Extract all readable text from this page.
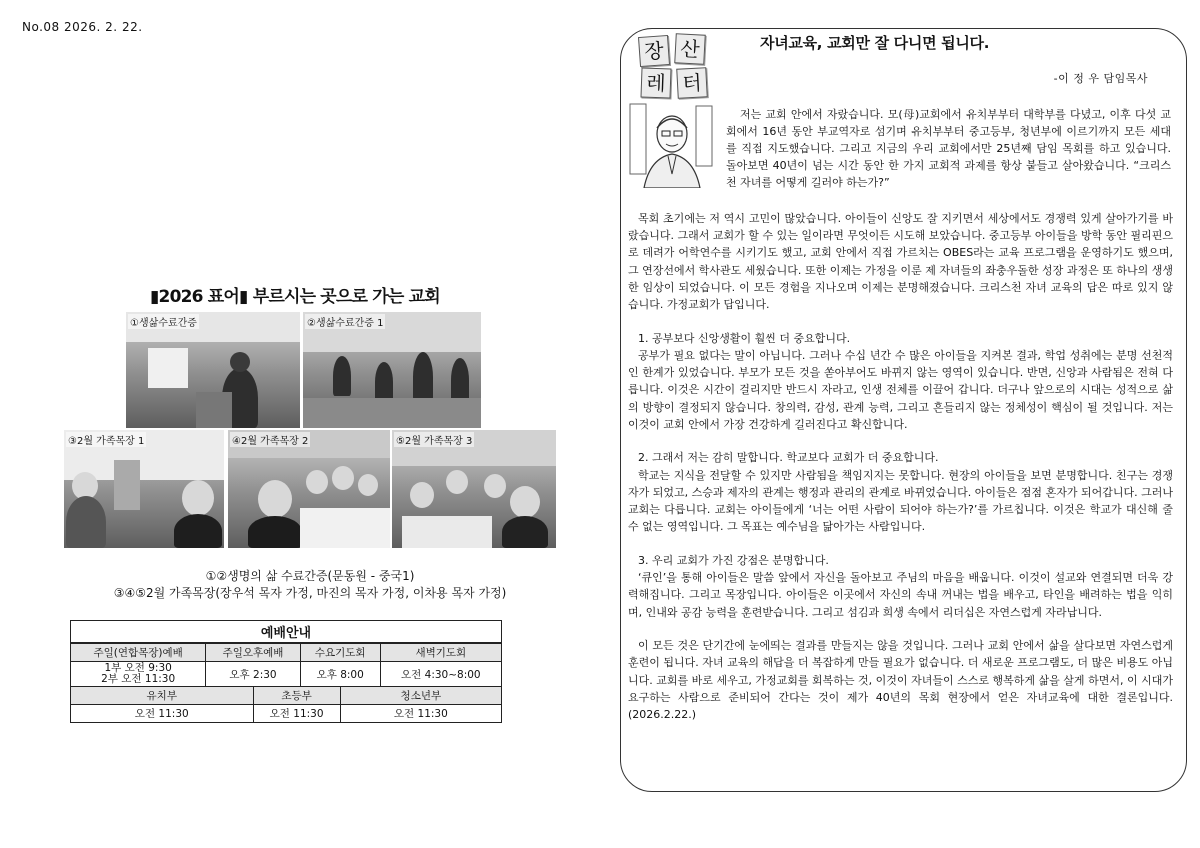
No.08 2026. 2. 22.
▮2026 표어▮ 부르시는 곳으로 가는 교회
①생삶수료간증	②생삶수료간증 1
③2월 가족목장 1	④2월 가족목장 2	⑤2월 가족목장 3
①②생명의 삶 수료간증(문동원 - 중국1)
③④⑤2월 가족목장(장우석 목자 가정, 마진의 목자 가정, 이차용 목자 가정)
예배안내					
주일(연합목장)예배	주일오후예배		수요기도회		새벽기도회

1부 오전 9:30
2부 오전 11:30	오후 2:30		오후 8:00		오전 4:30~8:00
유치부		초등부		청소년부	
오전 11:30		오전 11:30		오전 11:30	
장 산
레 터
자녀교육, 교회만 잘 다니면 됩니다.
-이 정 우 담임목사
저는 교회 안에서 자랐습니다. 모(母)교회에서 유치부부터 대학부를 다녔고, 이후 다섯 교회에서 16년 동안 부교역자로 섬기며 유치부부터 중고등부, 청년부에 이르기까지 모든 세대를 직접 지도했습니다. 그리고 지금의 우리 교회에서만 25년째 담임 목회를 하고 있습니다. 돌아보면 40년이 넘는 시간 동안 한 가지 교회적 과제를 항상 붙들고 살아왔습니다. “크리스천 자녀를 어떻게 길러야 하는가?”

목회 초기에는 저 역시 고민이 많았습니다. 아이들이 신앙도 잘 지키면서 세상에서도 경쟁력 있게 살아가기를 바랐습니다. 그래서 교회가 할 수 있는 일이라면 무엇이든 시도해 보았습니다. 중고등부 아이들을 방학 동안 필리핀으로 데려가 어학연수를 시키기도 했고, 교회 안에서 직접 가르치는 OBES라는 교육 프로그램을 운영하기도 했으며, 그 연장선에서 학사관도 세웠습니다. 또한 이제는 가정을 이룬 제 자녀들의 좌충우돌한 성장 과정은 또 하나의 생생한 임상이 되었습니다. 이 모든 경험을 지나오며 이제는 분명해졌습니다. 크리스천 자녀 교육의 답은 따로 있지 않습니다. 가정교회가 답입니다.

1. 공부보다 신앙생활이 훨씬 더 중요합니다.

공부가 필요 없다는 말이 아닙니다. 그러나 수십 년간 수 많은 아이들을 지켜본 결과, 학업 성취에는 분명 선천적인 한계가 있었습니다. 부모가 모든 것을 쏟아부어도 바뀌지 않는 영역이 있습니다. 반면, 신앙과 사람됨은 전혀 다릅니다. 이것은 시간이 걸리지만 반드시 자라고, 인생 전체를 이끌어 갑니다. 더구나 앞으로의 시대는 성적으로 삶의 방향이 결정되지 않습니다. 창의력, 감성, 관계 능력, 그리고 흔들리지 않는 정체성이 핵심이 될 것입니다. 저는 이것이 교회 안에서 가장 건강하게 길러진다고 확신합니다.

2. 그래서 저는 감히 말합니다. 학교보다 교회가 더 중요합니다.

학교는 지식을 전달할 수 있지만 사람됨을 책임지지는 못합니다. 현장의 아이들을 보면 분명합니다. 친구는 경쟁자가 되었고, 스승과 제자의 관계는 행정과 관리의 관계로 바뀌었습니다. 아이들은 점점 혼자가 되어갑니다. 그러나 교회는 다릅니다. 교회는 아이들에게 ‘너는 어떤 사람이 되어야 하는가?’를 가르칩니다. 이것은 학교가 대신해 줄 수 없는 영역입니다. 그 목표는 예수님을 닮아가는 사람입니다.

3. 우리 교회가 가진 강점은 분명합니다.

‘큐인’을 통해 아이들은 말씀 앞에서 자신을 돌아보고 주님의 마음을 배웁니다. 이것이 설교와 연결되면 더욱 강력해집니다. 그리고 목장입니다. 아이들은 이곳에서 자신의 속내 꺼내는 법을 배우고, 타인을 배려하는 법을 익히며, 인내와 공감 능력을 훈련받습니다. 그리고 섬김과 희생 속에서 리더십은 자연스럽게 자라납니다.

이 모든 것은 단기간에 눈에띄는 결과를 만들지는 않을 것입니다. 그러나 교회 안에서 삶을 살다보면 자연스럽게 훈련이 됩니다. 자녀 교육의 해답을 더 복잡하게 만들 필요가 없습니다. 더 새로운 프로그램도, 더 많은 비용도 아닙니다. 교회를 바로 세우고, 가정교회를 회복하는 것, 이것이 자녀들이 스스로 행복하게 삶을 살게 하면서, 이 시대가 요구하는 사람으로 준비되어 간다는 것이 제가 40년의 목회 현장에서 얻은 자녀교육에 대한 결론입니다.(2026.2.22.)
